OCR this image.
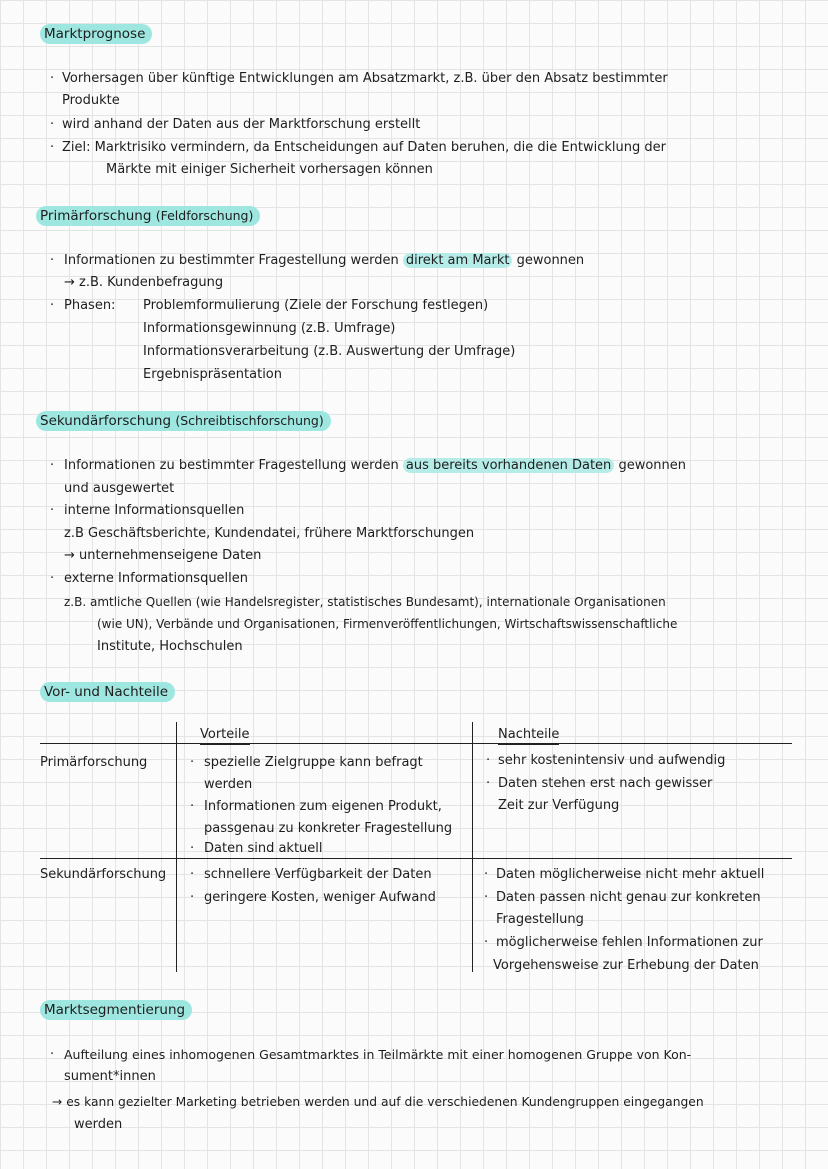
Marktprognose
· Vorhersagen über künftige Entwicklungen am Absatzmarkt, z.B. über den Absatz bestimmter
Produkte
· wird anhand der Daten aus der Marktforschung erstellt
· Ziel: Marktrisiko vermindern, da Entscheidungen auf Daten beruhen, die die Entwicklung der
Märkte mit einiger Sicherheit vorhersagen können
Primärforschung (Feldforschung)
· Informationen zu bestimmter Fragestellung werden direkt am Markt gewonnen
→ z.B. Kundenbefragung
· Phasen: Problemformulierung (Ziele der Forschung festlegen)
Informationsgewinnung (z.B. Umfrage)
Informationsverarbeitung (z.B. Auswertung der Umfrage)
Ergebnispräsentation
Sekundärforschung (Schreibtischforschung)
· Informationen zu bestimmter Fragestellung werden aus bereits vorhandenen Daten gewonnen
und ausgewertet
· interne Informationsquellen
z.B Geschäftsberichte, Kundendatei, frühere Marktforschungen
→ unternehmenseigene Daten
· externe Informationsquellen
z.B. amtliche Quellen (wie Handelsregister, statistisches Bundesamt), internationale Organisationen
(wie UN), Verbände und Organisationen, Firmenveröffentlichungen, Wirtschaftswissenschaftliche
Institute, Hochschulen
Vor- und Nachteile
Vorteile	Nachteile
Primärforschung
Sekundärforschung
· spezielle Zielgruppe kann befragt
werden
· Informationen zum eigenen Produkt,
passgenau zu konkreter Fragestellung
· Daten sind aktuell
· sehr kostenintensiv und aufwendig
· Daten stehen erst nach gewisser
Zeit zur Verfügung
· schnellere Verfügbarkeit der Daten
· geringere Kosten, weniger Aufwand
· Daten möglicherweise nicht mehr aktuell
· Daten passen nicht genau zur konkreten
Fragestellung
· möglicherweise fehlen Informationen zur
Vorgehensweise zur Erhebung der Daten
Marktsegmentierung
· Aufteilung eines inhomogenen Gesamtmarktes in Teilmärkte mit einer homogenen Gruppe von Kon-
sument*innen
→ es kann gezielter Marketing betrieben werden und auf die verschiedenen Kundengruppen eingegangen
werden
